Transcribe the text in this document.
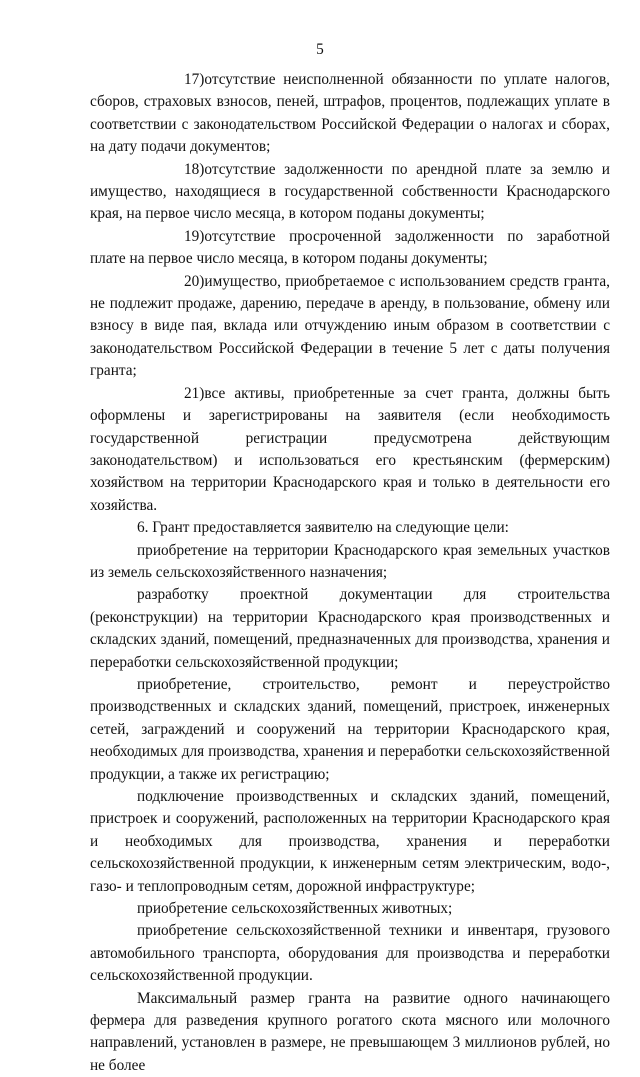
5

17)отсутствие неисполненной обязанности по уплате налогов, сборов, страховых взносов, пеней, штрафов, процентов, подлежащих уплате в соответствии с законодательством Российской Федерации о налогах и сборах, на дату подачи документов;

18)отсутствие задолженности по арендной плате за землю и имущество, находящиеся в государственной собственности Краснодарского края, на первое число месяца, в котором поданы документы;

19)отсутствие просроченной задолженности по заработной плате на первое число месяца, в котором поданы документы;

20)имущество, приобретаемое с использованием средств гранта, не подлежит продаже, дарению, передаче в аренду, в пользование, обмену или взносу в виде пая, вклада или отчуждению иным образом в соответствии с законодательством Российской Федерации в течение 5 лет с даты получения гранта;

21)все активы, приобретенные за счет гранта, должны быть оформлены и зарегистрированы на заявителя (если необходимость государственной регистрации предусмотрена действующим законодательством) и использоваться его крестьянским (фермерским) хозяйством на территории Краснодарского края и только в деятельности его хозяйства.

6. Грант предоставляется заявителю на следующие цели:

приобретение на территории Краснодарского края земельных участков из земель сельскохозяйственного назначения;

разработку проектной документации для строительства (реконструкции) на территории Краснодарского края производственных и складских зданий, помещений, предназначенных для производства, хранения и переработки сельскохозяйственной продукции;

приобретение, строительство, ремонт и переустройство производственных и складских зданий, помещений, пристроек, инженерных сетей, заграждений и сооружений на территории Краснодарского края, необходимых для производства, хранения и переработки сельскохозяйственной продукции, а также их регистрацию;

подключение производственных и складских зданий, помещений, пристроек и сооружений, расположенных на территории Краснодарского края и необходимых для производства, хранения и переработки сельскохозяйственной продукции, к инженерным сетям электрическим, водо-, газо- и теплопроводным сетям, дорожной инфраструктуре;

приобретение сельскохозяйственных животных;

приобретение сельскохозяйственной техники и инвентаря, грузового автомобильного транспорта, оборудования для производства и переработки сельскохозяйственной продукции.

Максимальный размер гранта на развитие одного начинающего фермера для разведения крупного рогатого скота мясного или молочного направлений, установлен в размере, не превышающем 3 миллионов рублей, но не более
